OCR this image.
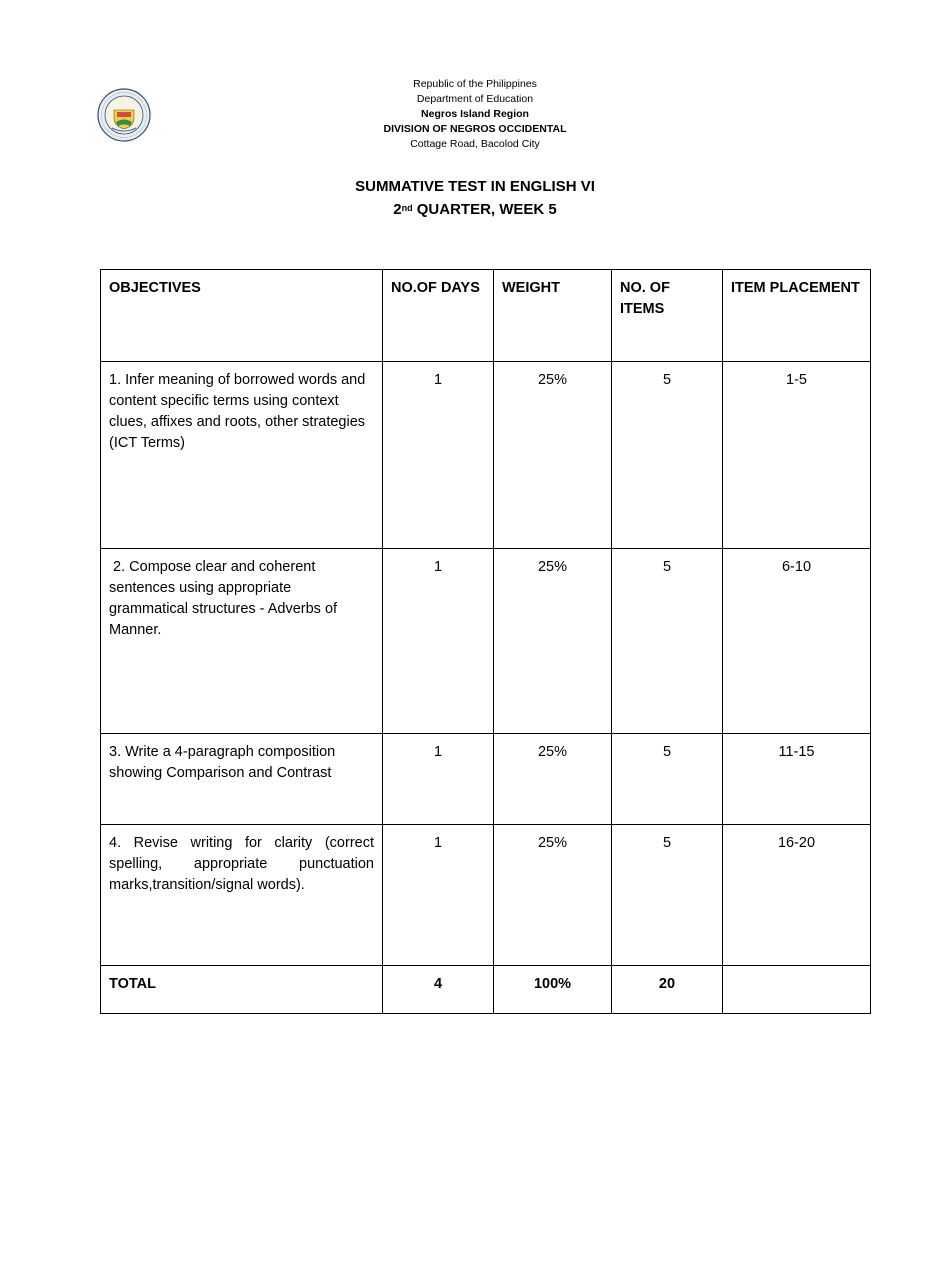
Republic of the Philippines
Department of Education
Negros Island Region
DIVISION OF NEGROS OCCIDENTAL
Cottage Road, Bacolod City
SUMMATIVE TEST IN ENGLISH VI
2nd QUARTER, WEEK 5
OBJECTIVES	NO.OF DAYS	WEIGHT	NO. OF ITEMS	ITEM PLACEMENT
1. Infer meaning of borrowed words and content specific terms using context clues, affixes and roots, other strategies (ICT Terms)	1	25%	5	1-5
2. Compose clear and coherent sentences using appropriate grammatical structures - Adverbs of Manner.	1	25%	5	6-10
3. Write a 4-paragraph composition showing Comparison and Contrast	1	25%	5	11-15
4. Revise writing for clarity (correct spelling, appropriate punctuation marks,transition/signal words).	1	25%	5	16-20
TOTAL	4	100%	20	
